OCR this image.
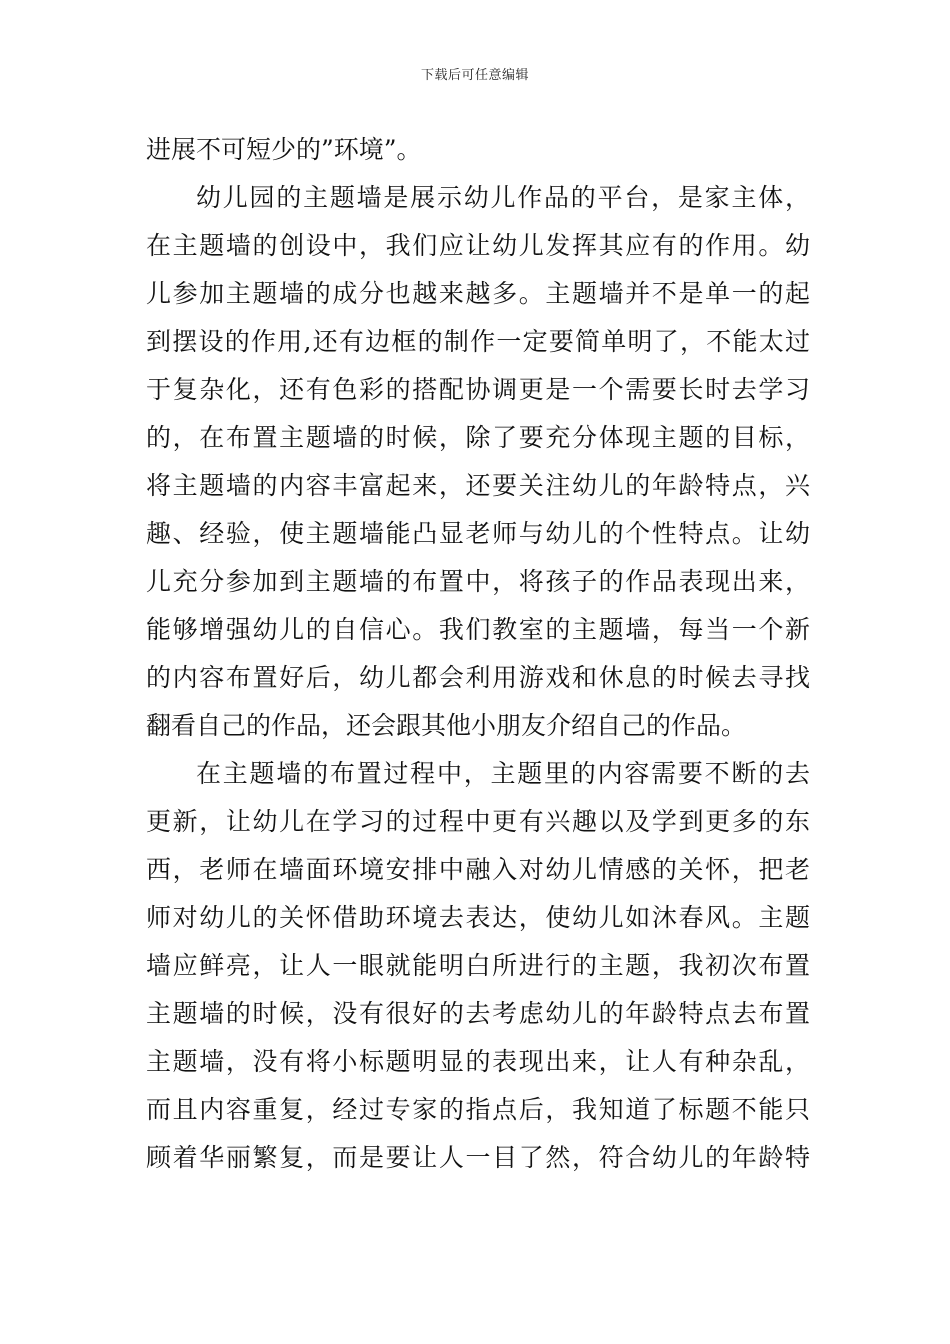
下载后可任意编辑
进展不可短少的”环境”。
幼儿园的主题墙是展示幼儿作品的平台，是家主体，
在主题墙的创设中，我们应让幼儿发挥其应有的作用。幼
儿参加主题墙的成分也越来越多。主题墙并不是单一的起
到摆设的作用,还有边框的制作一定要简单明了，不能太过
于复杂化，还有色彩的搭配协调更是一个需要长时去学习
的，在布置主题墙的时候，除了要充分体现主题的目标，
将主题墙的内容丰富起来，还要关注幼儿的年龄特点，兴
趣、经验，使主题墙能凸显老师与幼儿的个性特点。让幼
儿充分参加到主题墙的布置中，将孩子的作品表现出来，
能够增强幼儿的自信心。我们教室的主题墙，每当一个新
的内容布置好后，幼儿都会利用游戏和休息的时候去寻找
翻看自己的作品，还会跟其他小朋友介绍自己的作品。
在主题墙的布置过程中，主题里的内容需要不断的去
更新，让幼儿在学习的过程中更有兴趣以及学到更多的东
西，老师在墙面环境安排中融入对幼儿情感的关怀，把老
师对幼儿的关怀借助环境去表达，使幼儿如沐春风。主题
墙应鲜亮，让人一眼就能明白所进行的主题，我初次布置
主题墙的时候，没有很好的去考虑幼儿的年龄特点去布置
主题墙，没有将小标题明显的表现出来，让人有种杂乱，
而且内容重复，经过专家的指点后，我知道了标题不能只
顾着华丽繁复，而是要让人一目了然，符合幼儿的年龄特
